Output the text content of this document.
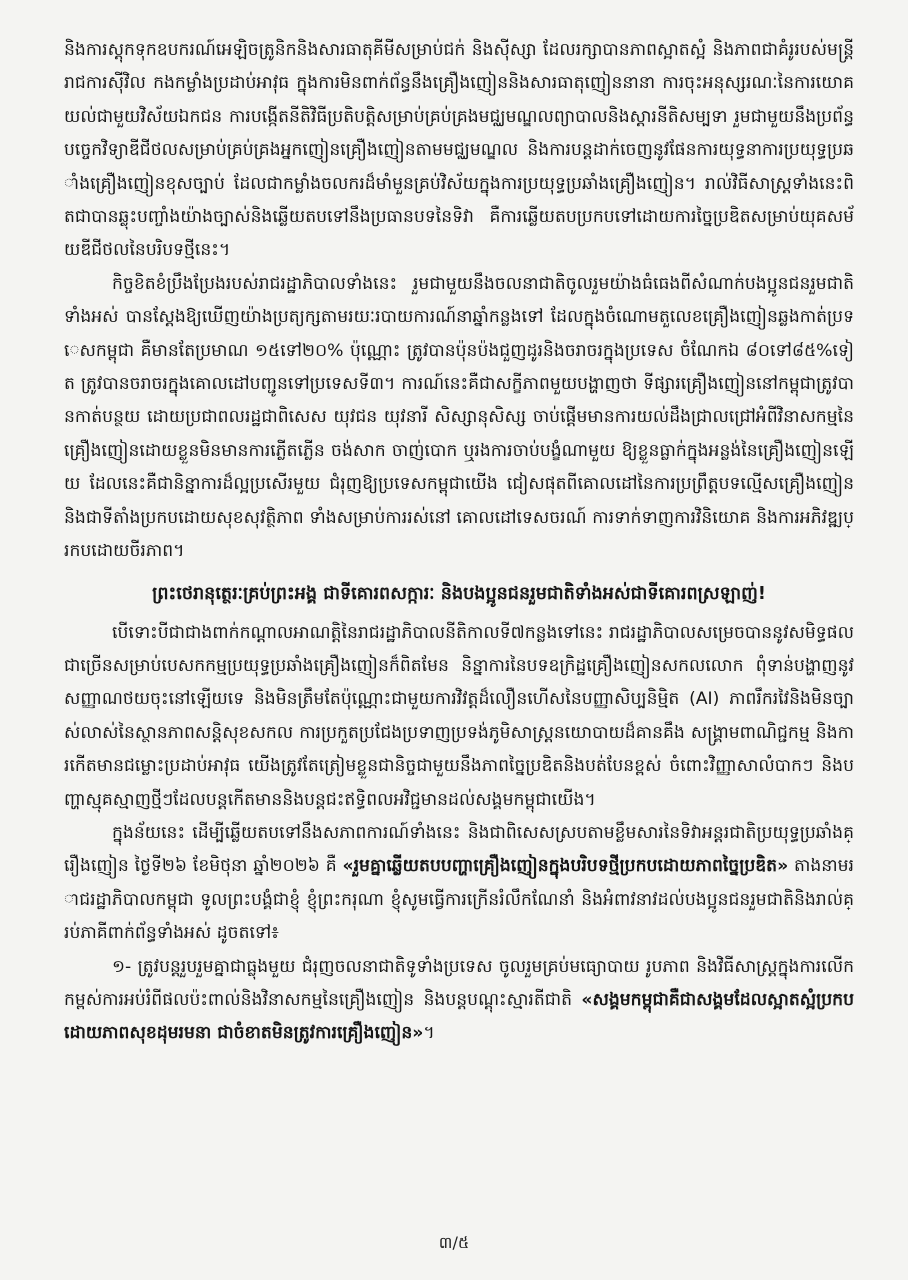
និងការស្តុកទុកឧបករណ៍អេឡិចត្រូនិកនិងសារធាតុគីមីសម្រាប់ជក់ និងស៊ីស្សា ដែលរក្សាបានភាពស្អាតស្អំ និងភាពជាគំរូរបស់មន្ត្រីរាជការស៊ីវិល កងកម្លាំងប្រដាប់អាវុធ ក្នុងការមិនពាក់ព័ន្ធនឹងគ្រឿងញៀននិងសារធាតុញៀននានា ការចុះអនុស្សរណៈនៃការយោគយល់ជាមួយវិស័យឯកជន ការបង្កើតនីតិវិធីប្រតិបត្តិសម្រាប់គ្រប់គ្រងមជ្ឈមណ្ឌលព្យាបាលនិងស្តារនីតិសម្បទា រួមជាមួយនឹងប្រព័ន្ធបច្ចេកវិទ្យាឌីជីថលសម្រាប់គ្រប់គ្រងអ្នកញៀនគ្រឿងញៀនតាមមជ្ឈមណ្ឌល និងការបន្តដាក់ចេញនូវផែនការយុទ្ធនាការប្រយុទ្ធប្រឆាំងគ្រឿងញៀនខុសច្បាប់ ដែលជាកម្លាំងចលករដ៏មាំមួនគ្រប់វិស័យក្នុងការប្រយុទ្ធប្រឆាំងគ្រឿងញៀន។ រាល់វិធីសាស្ត្រទាំងនេះពិតជាបានឆ្លុះបញ្ចាំងយ៉ាងច្បាស់និងឆ្លើយតបទៅនឹងប្រធានបទនៃទិវា គឺការឆ្លើយតបប្រកបទៅដោយការច្នៃប្រឌិតសម្រាប់យុគសម័យឌីជីថលនៃបរិបទថ្មីនេះ។

កិច្ចខិតខំប្រឹងប្រែងរបស់រាជរដ្ឋាភិបាលទាំងនេះ រួមជាមួយនឹងចលនាជាតិចូលរួមយ៉ាងធំធេងពីសំណាក់បងប្អូនជនរួមជាតិទាំងអស់ បានស្តែងឱ្យឃើញយ៉ាងប្រត្យក្សតាមរយៈរបាយការណ៍នាឆ្នាំកន្លងទៅ ដែលក្នុងចំណោមតួលេខគ្រឿងញៀនឆ្លងកាត់ប្រទេសកម្ពុជា គឺមានតែប្រមាណ ១៥ទៅ២០% ប៉ុណ្ណោះ ត្រូវបានប៉ុនប៉ងជួញដូរនិងចរាចរក្នុងប្រទេស ចំណែកឯ ៨០ទៅ៨៥%ទៀត ត្រូវបានចរាចរក្នុងគោលដៅបញ្ជូនទៅប្រទេសទី៣។ ការណ៍នេះគឺជាសក្ខីភាពមួយបង្ហាញថា ទីផ្សារគ្រឿងញៀននៅកម្ពុជាត្រូវបានកាត់បន្ថយ ដោយប្រជាពលរដ្ឋជាពិសេស យុវជន យុវនារី សិស្សានុសិស្ស ចាប់ផ្តើមមានការយល់ដឹងជ្រាលជ្រៅអំពីវិនាសកម្មនៃគ្រឿងញៀនដោយខ្លួនមិនមានការភ្លើតភ្លើន ចង់សាក ចាញ់បោក ឬរងការចាប់បង្ខំណាមួយ ឱ្យខ្លួនធ្លាក់ក្នុងអន្លង់នៃគ្រឿងញៀនឡើយ ដែលនេះគឺជានិន្នាការដ៏ល្អប្រសើរមួយ ជំរុញឱ្យប្រទេសកម្ពុជាយើង ជៀសផុតពីគោលដៅនៃការប្រព្រឹត្តបទល្មើសគ្រឿងញៀន និងជាទីតាំងប្រកបដោយសុខសុវត្ថិភាព ទាំងសម្រាប់ការរស់នៅ គោលដៅទេសចរណ៍ ការទាក់ទាញការវិនិយោគ និងការអភិវឌ្ឍប្រកបដោយចីរភាព។

ព្រះថេរានុត្ថេរៈគ្រប់ព្រះអង្គ ជាទីគោរពសក្ការៈ និងបងប្អូនជនរួមជាតិទាំងអស់ជាទីគោរពស្រឡាញ់!

បើទោះបីជាជាងពាក់កណ្តាលអាណត្តិនៃរាជរដ្ឋាភិបាលនីតិកាលទី៧កន្លងទៅនេះ រាជរដ្ឋាភិបាលសម្រេចបាននូវសមិទ្ធផលជាច្រើនសម្រាប់បេសកកម្មប្រយុទ្ធប្រឆាំងគ្រឿងញៀនក៏ពិតមែន និន្នាការនៃបទឧក្រិដ្ឋគ្រឿងញៀនសកលលោក ពុំទាន់បង្ហាញនូវសញ្ញាណថយចុះនៅឡើយទេ និងមិនត្រឹមតែប៉ុណ្ណោះជាមួយការវិវត្តដ៏លឿនហើសនៃបញ្ញាសិប្បនិម្មិត (AI) ភាពរឹករវៃនិងមិនច្បាស់លាស់នៃស្ថានភាពសន្តិសុខសកល ការប្រកួតប្រជែងប្រទាញប្រទង់ភូមិសាស្ត្រនយោបាយដ៏គានគឹង សង្គ្រាមពាណិជ្ជកម្ម និងការកើតមានជម្លោះប្រដាប់អាវុធ យើងត្រូវតែត្រៀមខ្លួនជានិច្ចជាមួយនឹងភាពច្នៃប្រឌិតនិងបត់បែនខ្ពស់ ចំពោះវិញ្ញាសាលំបាកៗ និងបញ្ហាស្មុគស្មាញថ្មីៗដែលបន្តកើតមាននិងបន្តជះឥទ្ធិពលអវិជ្ជមានដល់សង្គមកម្ពុជាយើង។

ក្នុងន័យនេះ ដើម្បីឆ្លើយតបទៅនឹងសភាពការណ៍ទាំងនេះ និងជាពិសេសស្របតាមខ្លឹមសារនៃទិវាអន្តរជាតិប្រយុទ្ធប្រឆាំងគ្រឿងញៀន ថ្ងៃទី២៦ ខែមិថុនា ឆ្នាំ២០២៦ គឺ «រួមគ្នាឆ្លើយតបបញ្ហាគ្រឿងញៀនក្នុងបរិបទថ្មីប្រកបដោយភាពច្នៃប្រឌិត» តាងនាមរាជរដ្ឋាភិបាលកម្ពុជា ទូលព្រះបង្គំជាខ្ញុំ ខ្ញុំព្រះករុណា ខ្ញុំសូមធ្វើការក្រើនរំលឹកណែនាំ និងអំពាវនាវដល់បងប្អូនជនរួមជាតិនិងរាល់គ្រប់ភាគីពាក់ព័ន្ធទាំងអស់ ដូចតទៅ៖

១- ត្រូវបន្តរួបរួមគ្នាជាធ្លុងមួយ ជំរុញចលនាជាតិទូទាំងប្រទេស ចូលរួមគ្រប់មធ្យោបាយ រូបភាព និងវិធីសាស្ត្រក្នុងការលើកកម្ពស់ការអប់រំពីផលប៉ះពាល់និងវិនាសកម្មនៃគ្រឿងញៀន និងបន្តបណ្តុះស្មារតីជាតិ «សង្គមកម្ពុជាគឺជាសង្គមដែលស្អាតស្អំប្រកបដោយភាពសុខដុមរមនា ជាចំខាតមិនត្រូវការគ្រឿងញៀន»។

៣/៥
